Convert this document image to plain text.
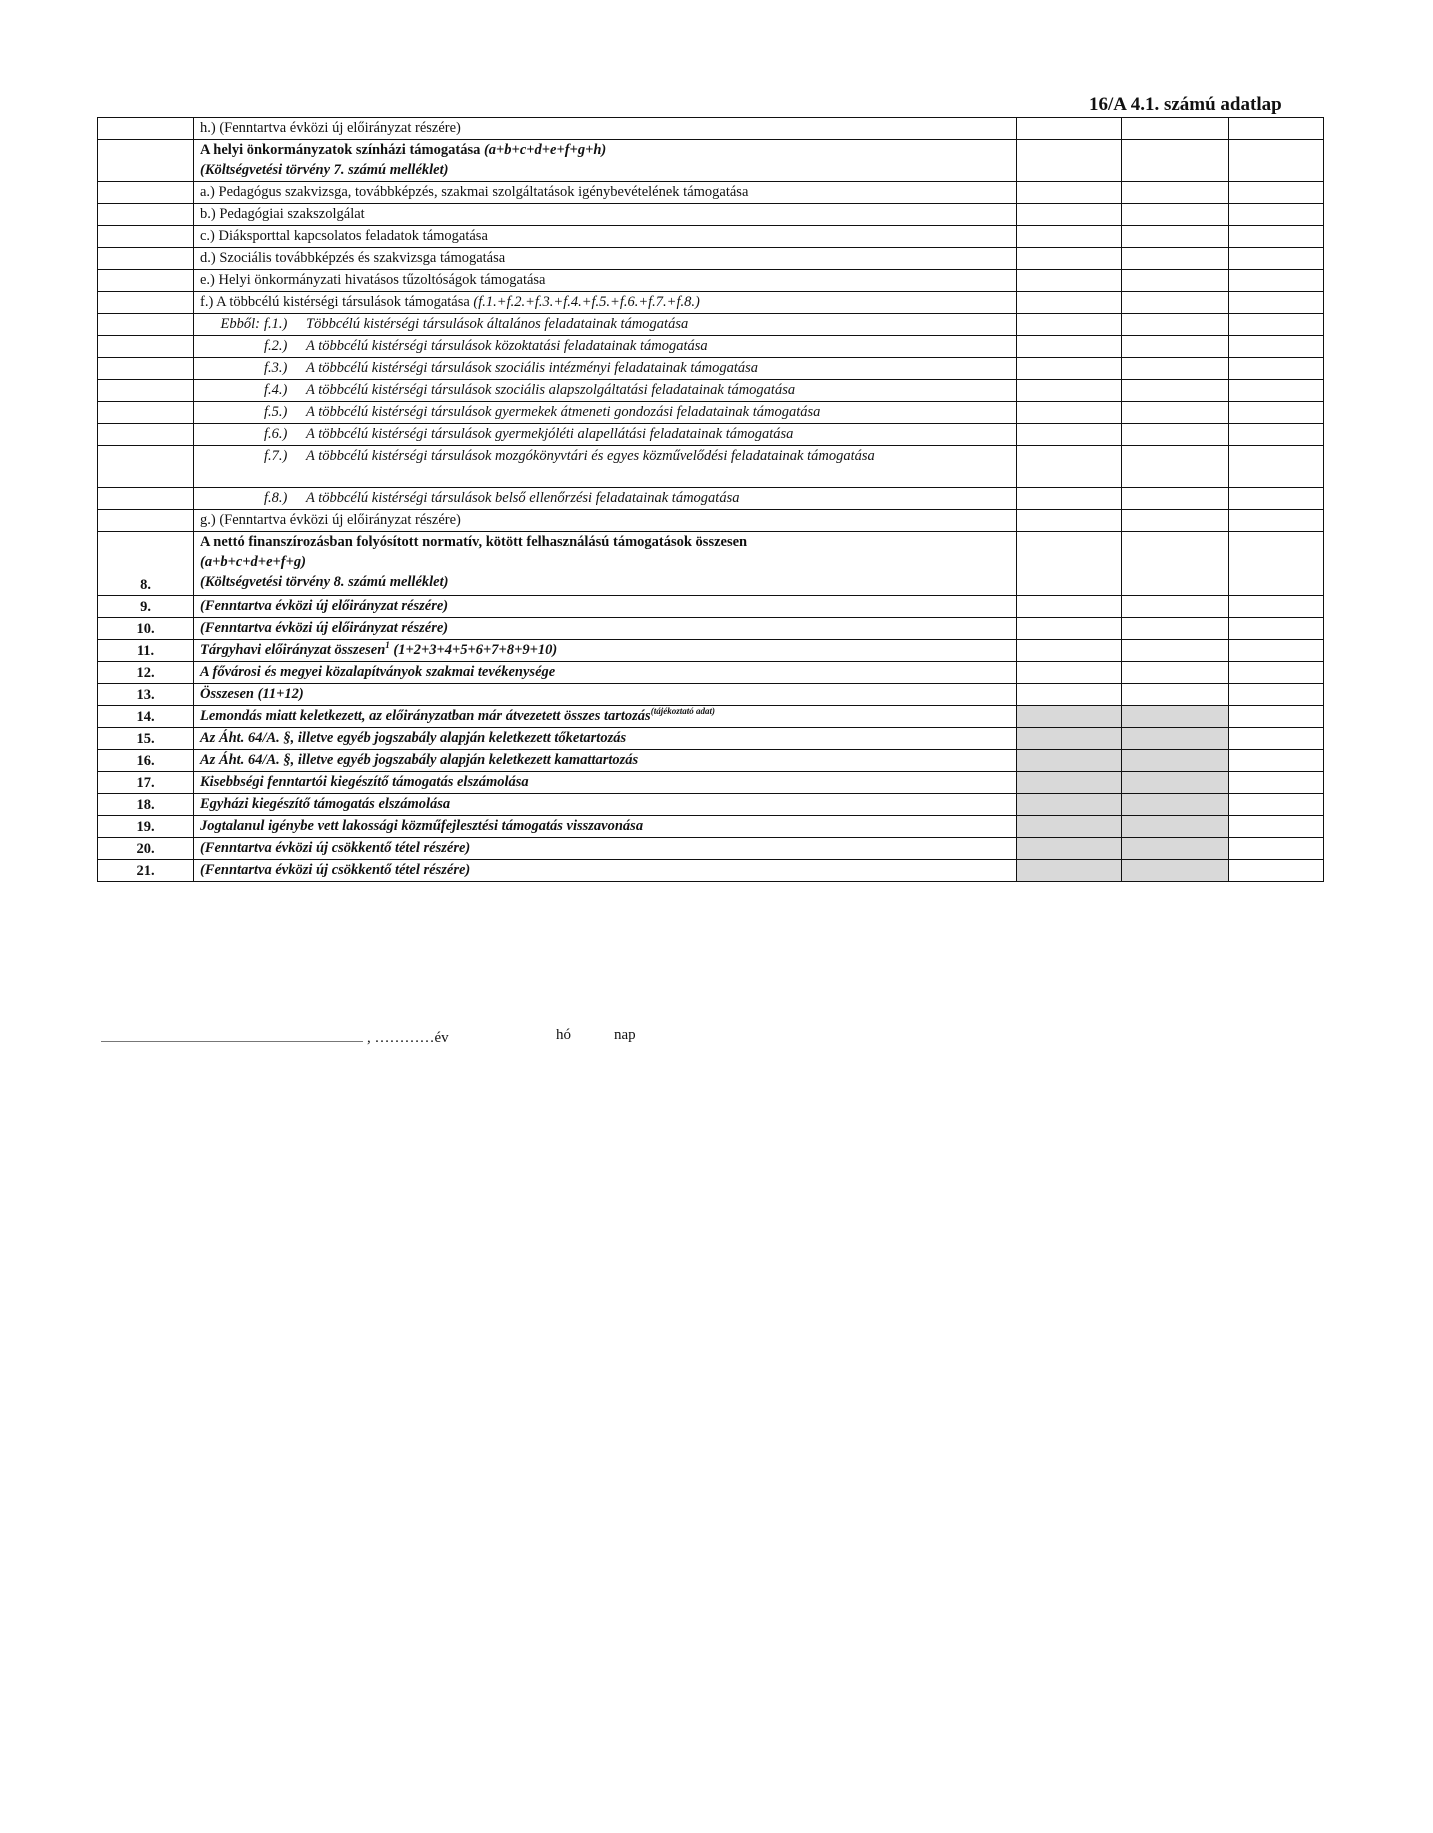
16/A 4.1. számú adatlap
	h.) (Fenntartva évközi új előirányzat részére)			

	A helyi önkormányzatok színházi támogatása (a+b+c+d+e+f+g+h)
(Költségvetési törvény 7. számú melléklet)			

	a.) Pedagógus szakvizsga, továbbképzés, szakmai szolgáltatások igénybevételének támogatása			
	b.) Pedagógiai szakszolgálat			
	c.) Diáksporttal kapcsolatos feladatok támogatása			
	d.) Szociális továbbképzés és szakvizsga támogatása			
	e.) Helyi önkormányzati hivatásos tűzoltóságok támogatása			
	f.) A többcélú kistérségi társulások támogatása (f.1.+f.2.+f.3.+f.4.+f.5.+f.6.+f.7.+f.8.)			

	Ebből: f.1.) Többcélú kistérségi társulások általános feladatainak támogatása			

	f.2.) A többcélú kistérségi társulások közoktatási feladatainak támogatása			

	f.3.) A többcélú kistérségi társulások szociális intézményi feladatainak támogatása			

	f.4.) A többcélú kistérségi társulások szociális alapszolgáltatási feladatainak támogatása			

	f.5.) A többcélú kistérségi társulások gyermekek átmeneti gondozási feladatainak támogatása			

	f.6.) A többcélú kistérségi társulások gyermekjóléti alapellátási feladatainak támogatása			

	f.7.) A többcélú kistérségi társulások mozgókönyvtári és egyes közművelődési feladatainak támogatása			

	f.8.) A többcélú kistérségi társulások belső ellenőrzési feladatainak támogatása			

	g.) (Fenntartva évközi új előirányzat részére)			
8.	A nettó finanszírozásban folyósított normatív, kötött felhasználású támogatások összesen
(a+b+c+d+e+f+g)
(Költségvetési törvény 8. számú melléklet)			

9.	(Fenntartva évközi új előirányzat részére)			
10.	(Fenntartva évközi új előirányzat részére)			
11.	Tárgyhavi előirányzat összesen$^1$ (1+2+3+4+5+6+7+8+9+10)			
12.	A fővárosi és megyei közalapítványok szakmai tevékenysége			
13.	Összesen (11+12)			
14.	Lemondás miatt keletkezett, az előirányzatban már átvezetett összes tartozás$^{(tájékoztató adat)}$			
15.	Az Áht. 64/A. §, illetve egyéb jogszabály alapján keletkezett tőketartozás			
16.	Az Áht. 64/A. §, illetve egyéb jogszabály alapján keletkezett kamattartozás			
17.	Kisebbségi fenntartói kiegészítő támogatás elszámolása			
18.	Egyházi kiegészítő támogatás elszámolása			
19.	Jogtalanul igénybe vett lakossági közműfejlesztési támogatás visszavonása			
20.	(Fenntartva évközi új csökkentő tétel részére)			
21.	(Fenntartva évközi új csökkentő tétel részére)			
, …………év	hó	nap
